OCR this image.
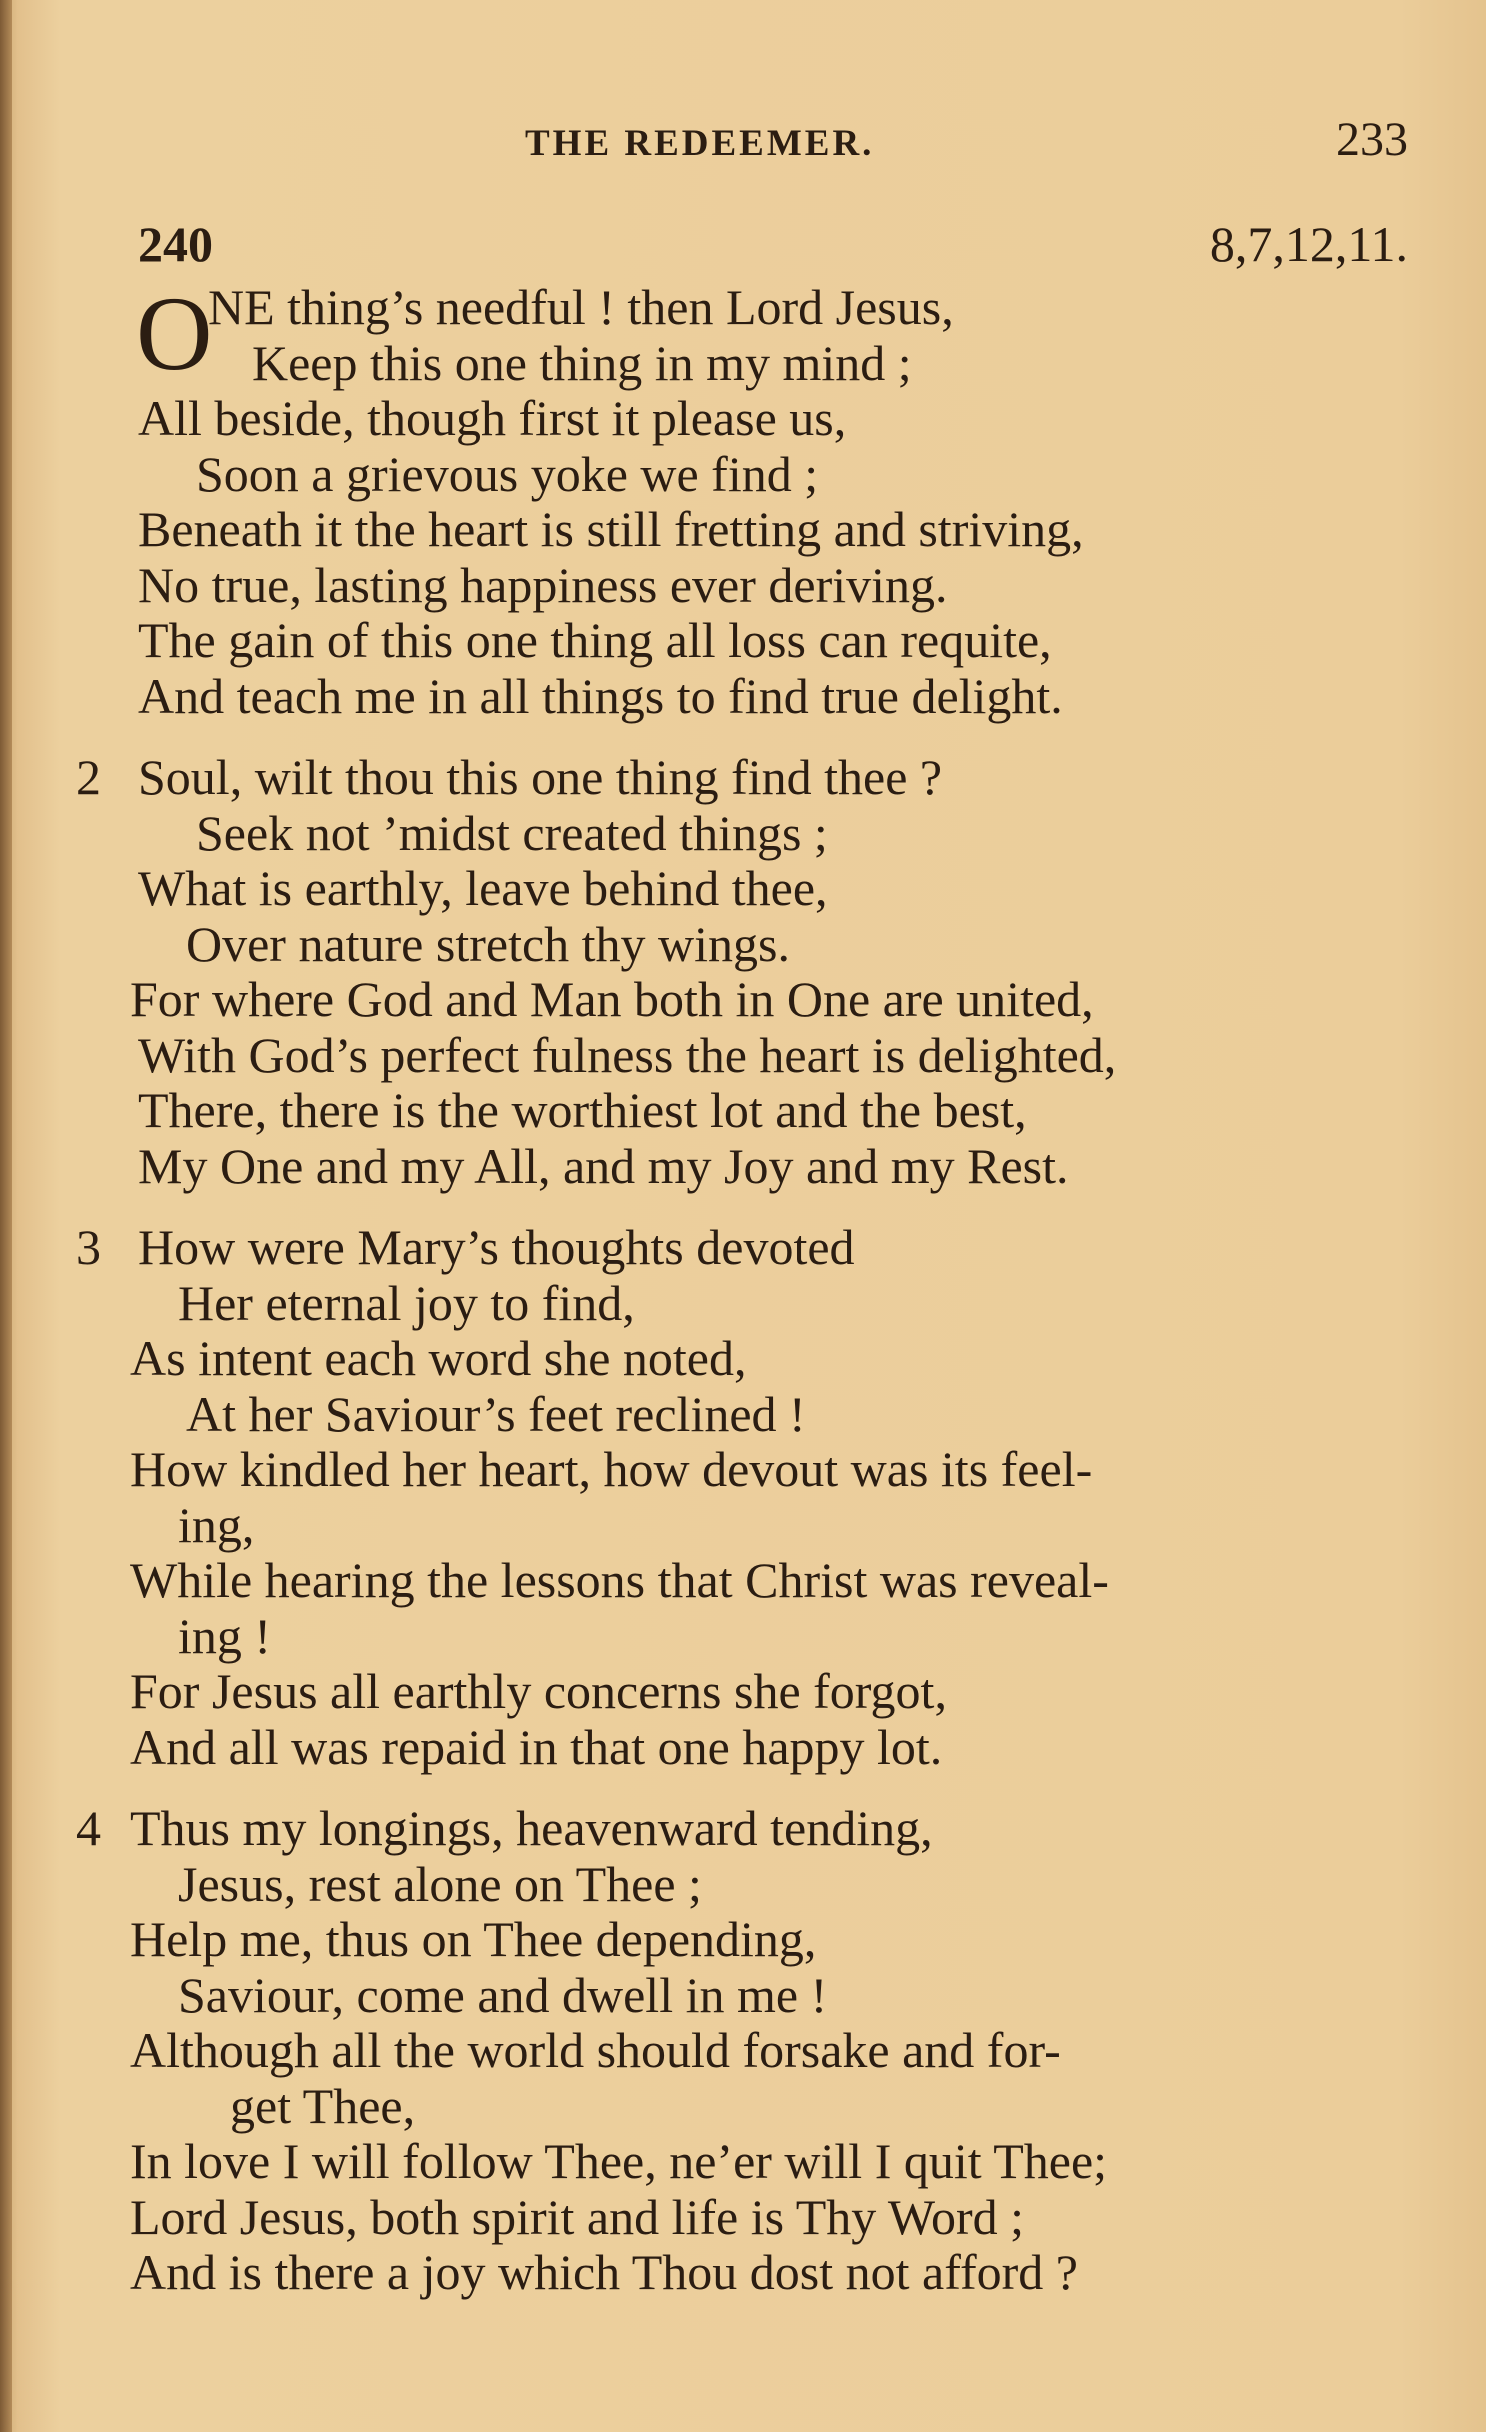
THE REDEEMER.	233
240	8,7,12,11.
O
NE thing’s needful ! then Lord Jesus,
Keep this one thing in my mind ;
All beside, though first it please us,
Soon a grievous yoke we find ;
Beneath it the heart is still fretting and striving,
No true, lasting happiness ever deriving.
The gain of this one thing all loss can requite,
And teach me in all things to find true delight.
2 Soul, wilt thou this one thing find thee ?
Seek not ’midst created things ;
What is earthly, leave behind thee,
Over nature stretch thy wings.
For where God and Man both in One are united,
With God’s perfect fulness the heart is delighted,
There, there is the worthiest lot and the best,
My One and my All, and my Joy and my Rest.
3 How were Mary’s thoughts devoted
Her eternal joy to find,
As intent each word she noted,
At her Saviour’s feet reclined !
How kindled her heart, how devout was its feel-
ing,
While hearing the lessons that Christ was reveal-
ing !
For Jesus all earthly concerns she forgot,
And all was repaid in that one happy lot.
4 Thus my longings, heavenward tending,
Jesus, rest alone on Thee ;
Help me, thus on Thee depending,
Saviour, come and dwell in me !
Although all the world should forsake and for-
get Thee,
In love I will follow Thee, ne’er will I quit Thee;
Lord Jesus, both spirit and life is Thy Word ;
And is there a joy which Thou dost not afford ?
